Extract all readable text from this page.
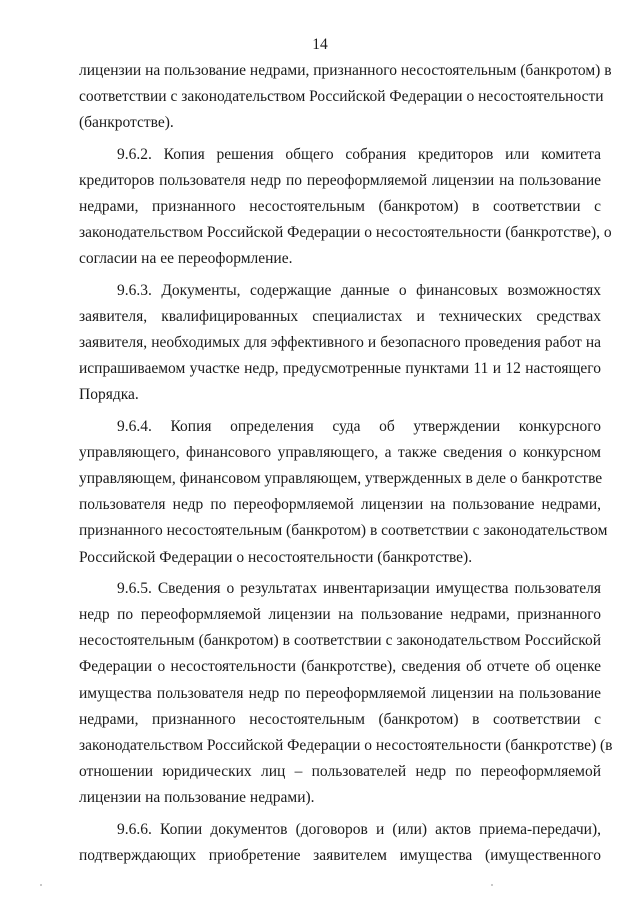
14

лицензии на пользование недрами, признанного несостоятельным (банкротом) в
соответствии с законодательством Российской Федерации о несостоятельности
(банкротстве).

9.6.2. Копия решения общего собрания кредиторов или комитета
кредиторов пользователя недр по переоформляемой лицензии на пользование
недрами, признанного несостоятельным (банкротом) в соответствии с
законодательством Российской Федерации о несостоятельности (банкротстве), о
согласии на ее переоформление.

9.6.3. Документы, содержащие данные о финансовых возможностях
заявителя, квалифицированных специалистах и технических средствах
заявителя, необходимых для эффективного и безопасного проведения работ на
испрашиваемом участке недр, предусмотренные пунктами 11 и 12 настоящего
Порядка.

9.6.4. Копия определения суда об утверждении конкурсного
управляющего, финансового управляющего, а также сведения о конкурсном
управляющем, финансовом управляющем, утвержденных в деле о банкротстве
пользователя недр по переоформляемой лицензии на пользование недрами,
признанного несостоятельным (банкротом) в соответствии с законодательством
Российской Федерации о несостоятельности (банкротстве).

9.6.5. Сведения о результатах инвентаризации имущества пользователя
недр по переоформляемой лицензии на пользование недрами, признанного
несостоятельным (банкротом) в соответствии с законодательством Российской
Федерации о несостоятельности (банкротстве), сведения об отчете об оценке
имущества пользователя недр по переоформляемой лицензии на пользование
недрами, признанного несостоятельным (банкротом) в соответствии с
законодательством Российской Федерации о несостоятельности (банкротстве) (в
отношении юридических лиц – пользователей недр по переоформляемой
лицензии на пользование недрами).

9.6.6. Копии документов (договоров и (или) актов приема-передачи),
подтверждающих приобретение заявителем имущества (имущественного
